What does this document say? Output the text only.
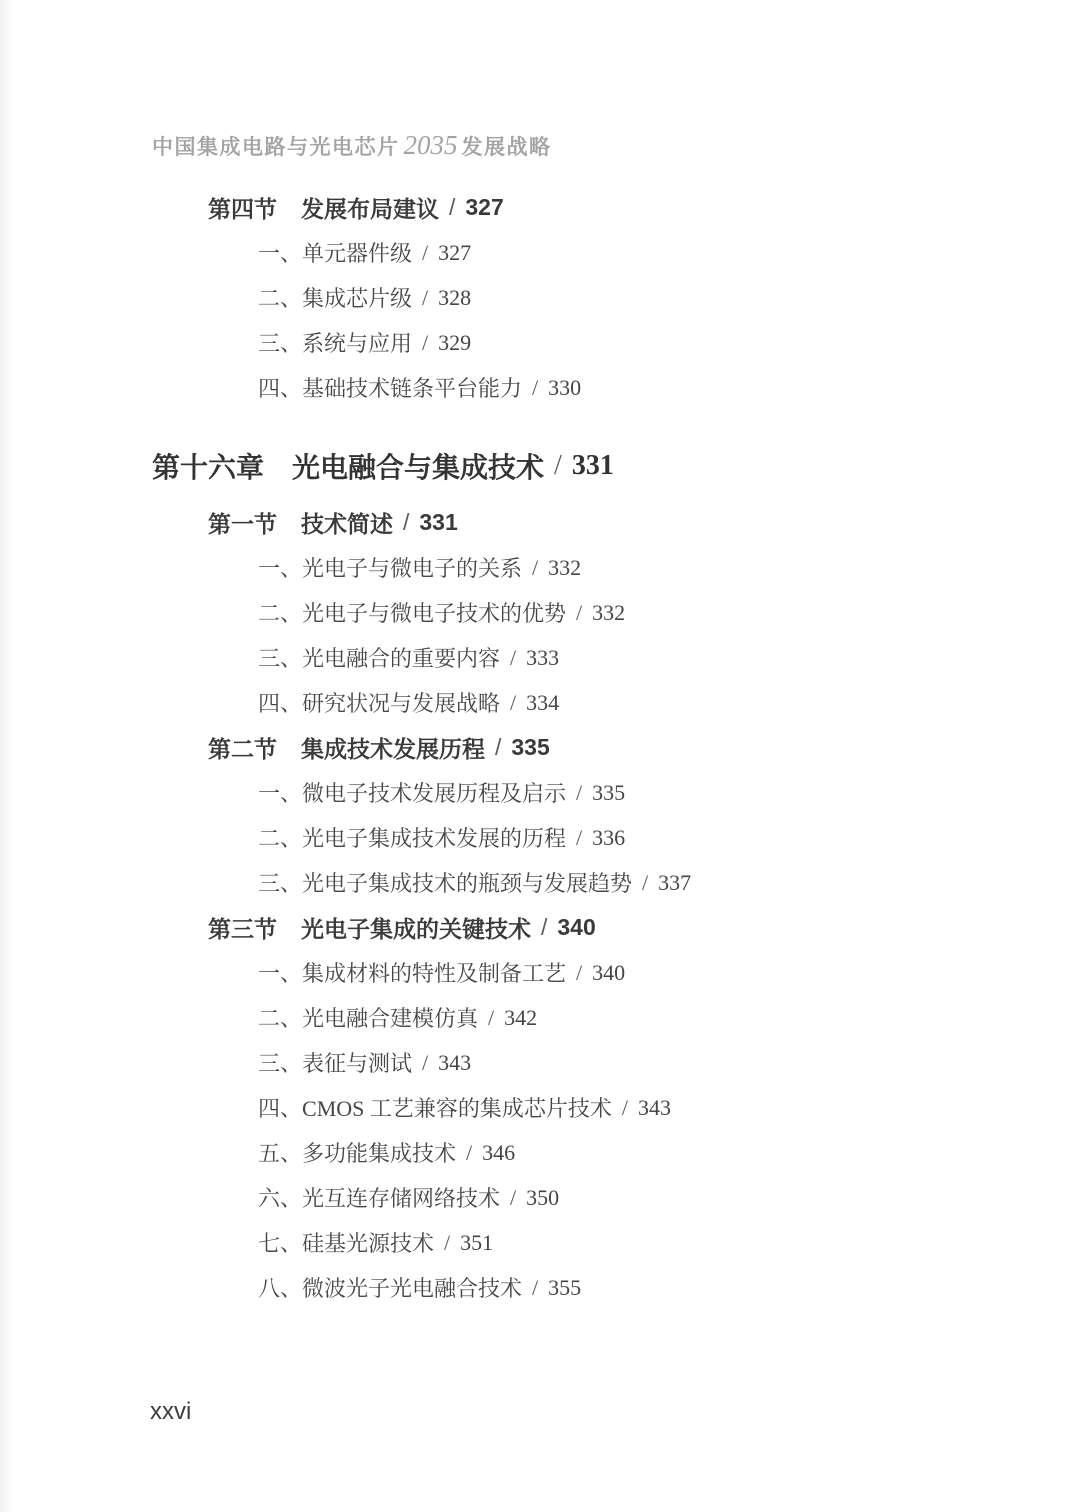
中国集成电路与光电芯片 2035 发展战略
第四节 发展布局建议 / 327
一、 单元器件级 / 327
二、 集成芯片级 / 328
三、 系统与应用 / 329
四、 基础技术链条平台能力 / 330
第十六章 光电融合与集成技术 / 331
第一节 技术简述 / 331
一、 光电子与微电子的关系 / 332
二、 光电子与微电子技术的优势 / 332
三、 光电融合的重要内容 / 333
四、 研究状况与发展战略 / 334
第二节 集成技术发展历程 / 335
一、 微电子技术发展历程及启示 / 335
二、 光电子集成技术发展的历程 / 336
三、 光电子集成技术的瓶颈与发展趋势 / 337
第三节 光电子集成的关键技术 / 340
一、 集成材料的特性及制备工艺 / 340
二、 光电融合建模仿真 / 342
三、 表征与测试 / 343
四、 CMOS 工艺兼容的集成芯片技术 / 343
五、 多功能集成技术 / 346
六、 光互连存储网络技术 / 350
七、 硅基光源技术 / 351
八、 微波光子光电融合技术 / 355
xxvi
